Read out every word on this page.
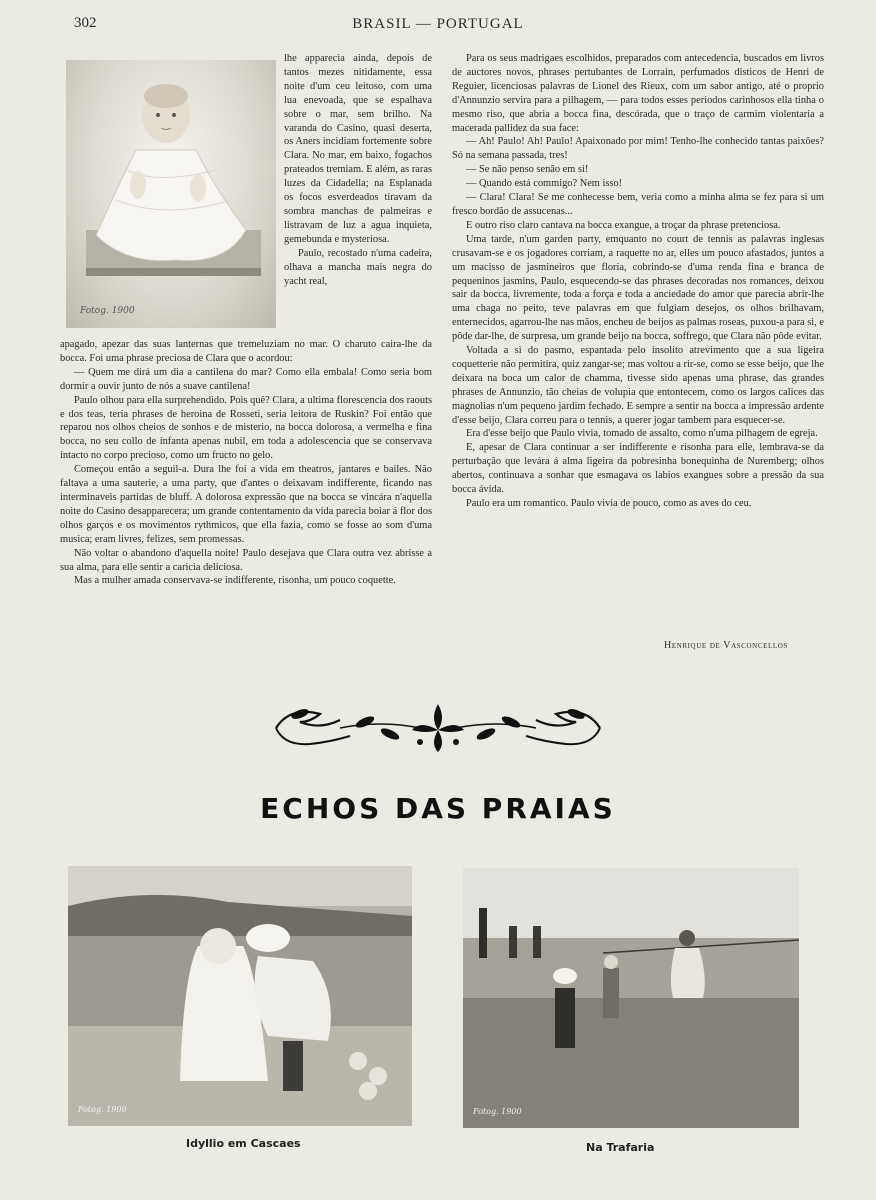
302	BRASIL — PORTUGAL
Fotog. 1900

lhe apparecia ainda, depois de tantos mezes nitidamente, essa noite d'um ceu leitoso, com uma lua enevoada, que se espalhava sobre o mar, sem brilho. Na varanda do Casino, quasi deserta, os Aners incidiam fortemente sobre Clara. No mar, em baixo, fogachos prateados tremiam. E além, as raras luzes da Cidadella; na Esplanada os focos esverdeados tiravam da sombra manchas de palmeiras e listravam de luz a agua inquieta, gemebunda e mysteriosa.

Paulo, recostado n'uma cadeira, olhava a mancha mais negra do yacht real,

apagado, apezar das suas lanternas que tremeluziam no mar. O charuto caira-lhe da bocca. Foi uma phrase preciosa de Clara que o acordou:

— Quem me dirá um dia a cantilena do mar? Como ella embala! Como seria bom dormir a ouvir junto de nós a suave cantilena!

Paulo olhou para ella surprehendido. Pois quê? Clara, a ultima florescencia dos raouts e dos teas, teria phrases de heroina de Rosseti, seria leitora de Ruskin? Foi então que reparou nos olhos cheios de sonhos e de misterio, na bocca dolorosa, a vermelha e fina bocca, no seu collo de infanta apenas nubil, em toda a adolescencia que se conservava intacto no corpo precioso, como um fructo no gelo.

Começou então a seguil-a. Dura lhe foi a vida em theatros, jantares e bailes. Não faltava a uma sauterie, a uma party, que d'antes o deixavam indifferente, ficando nas interminaveis partidas de bluff. A dolorosa expressão que na bocca se vincára n'aquella noite do Casino desapparecera; um grande contentamento da vida parecia boiar á flor dos olhos garços e os movimentos rythmicos, que ella fazia, como se fosse ao som d'uma musica; eram livres, felizes, sem promessas.

Não voltar o abandono d'aquella noite! Paulo desejava que Clara outra vez abrisse a sua alma, para elle sentir a caricia deliciosa.

Mas a mulher amada conservava-se indifferente, risonha, um pouco coquette.

Para os seus madrigaes escolhidos, preparados com antecedencia, buscados em livros de auctores novos, phrases pertubantes de Lorrain, perfumados disticos de Henri de Reguier, licenciosas palavras de Lionel des Rieux, com um sabor antigo, até o proprio d'Annunzio servira para a pilhagem, — para todos esses periodos carinhosos ella tinha o mesmo riso, que abria a bocca fina, descórada, que o traço de carmim violentaria a macerada pallidez da sua face:

— Ah! Paulo! Ah! Paulo! Apaixonado por mim! Tenho-lhe conhecido tantas paixões? Só na semana passada, tres!

— Se não penso senão em si!

— Quando está commigo? Nem isso!

— Clara! Clara! Se me conhecesse bem, veria como a minha alma se fez para si um fresco bordão de assucenas...

E outro riso claro cantava na bocca exangue, a troçar da phrase pretenciosa.

Uma tarde, n'um garden party, emquanto no court de tennis as palavras inglesas crusavam-se e os jogadores corriam, a raquette no ar, elles um pouco afastados, juntos a um macisso de jasmineiros que floria, cobrindo-se d'uma renda fina e branca de pequeninos jasmins, Paulo, esquecendo-se das phrases decoradas nos romances, deixou sair da bocca, livremente, toda a força e toda a anciedade do amor que parecia abrir-lhe uma chaga no peito, teve palavras em que fulgiam desejos, os olhos brilhavam, enternecidos, agarrou-lhe nas mãos, encheu de beijos as palmas roseas, puxou-a para si, e pôde dar-lhe, de surpresa, um grande beijo na bocca, soffrego, que Clara não pôde evitar.

Voltada a si do pasmo, espantada pelo insolito atrevimento que a sua ligeira coquetterie não permitira, quiz zangar-se; mas voltou a rir-se, como se esse beijo, que lhe deixara na boca um calor de chamma, tivesse sido apenas uma phrase, das grandes phrases de Annunzio, tão cheias de volupia que entontecem, como os largos calices das magnolias n'um pequeno jardim fechado. E sempre a sentir na bocca a impressão ardente d'esse beijo, Clara correu para o tennis, a querer jogar tambem para esquecer-se.

Era d'esse beijo que Paulo vivia, tomado de assalto, como n'uma pilhagem de egreja.

E, apesar de Clara continuar a ser indifferente e risonha para elle, lembrava-se da perturbação que levára á alma ligeira da pobresinha bonequinha de Nuremberg; olhos abertos, continuava a sonhar que esmagava os labios exangues sobre a pressão da sua bocca ávida.

Paulo era um romantico. Paulo vivia de pouco, como as aves do ceu.

Henrique de Vasconcellos
ECHOS DAS PRAIAS
Fotog. 1900
Idyllio em Cascaes
Fotog. 1900
Na Trafaria
